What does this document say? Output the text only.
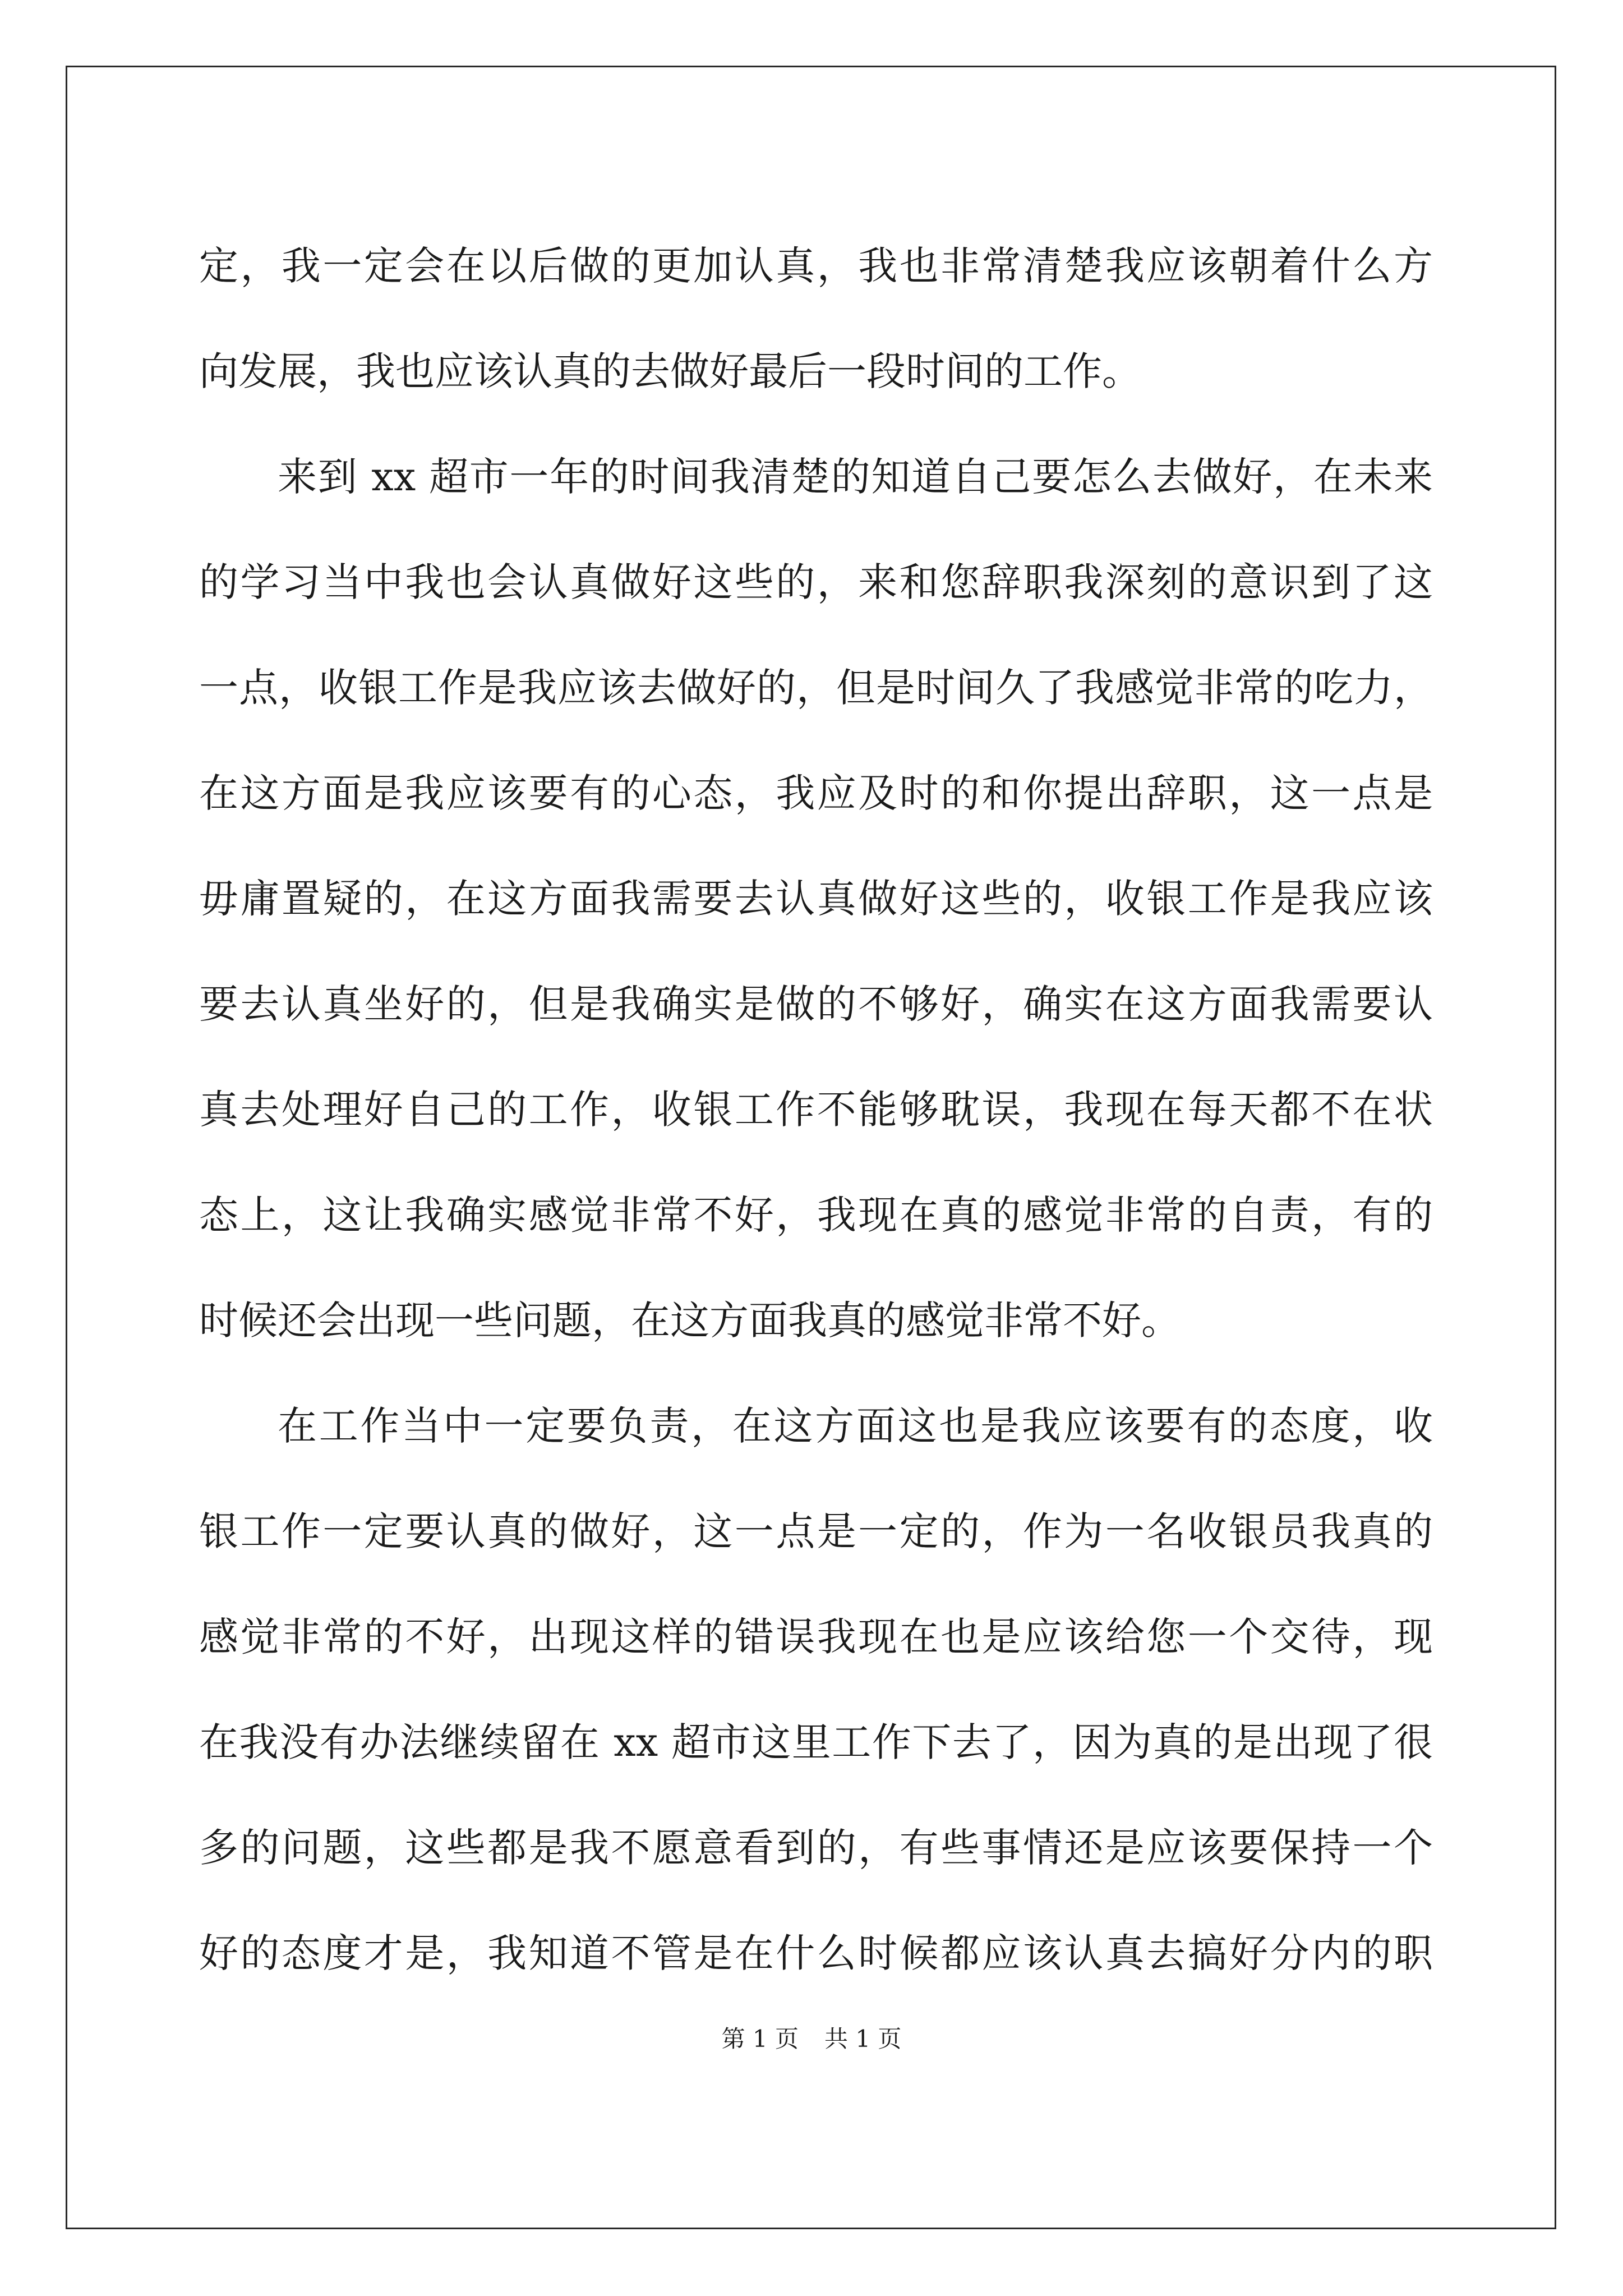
定，我一定会在以后做的更加认真，我也非常清楚我应该朝着什么方
向发展，我也应该认真的去做好最后一段时间的工作。
来到 xx 超市一年的时间我清楚的知道自己要怎么去做好，在未来
的学习当中我也会认真做好这些的，来和您辞职我深刻的意识到了这
一点，收银工作是我应该去做好的，但是时间久了我感觉非常的吃力，
在这方面是我应该要有的心态，我应及时的和你提出辞职，这一点是
毋庸置疑的，在这方面我需要去认真做好这些的，收银工作是我应该
要去认真坐好的，但是我确实是做的不够好，确实在这方面我需要认
真去处理好自己的工作，收银工作不能够耽误，我现在每天都不在状
态上，这让我确实感觉非常不好，我现在真的感觉非常的自责，有的
时候还会出现一些问题，在这方面我真的感觉非常不好。
在工作当中一定要负责，在这方面这也是我应该要有的态度，收
银工作一定要认真的做好，这一点是一定的，作为一名收银员我真的
感觉非常的不好，出现这样的错误我现在也是应该给您一个交待，现
在我没有办法继续留在 xx 超市这里工作下去了，因为真的是出现了很
多的问题，这些都是我不愿意看到的，有些事情还是应该要保持一个
好的态度才是，我知道不管是在什么时候都应该认真去搞好分内的职
第 1 页 共 1 页
